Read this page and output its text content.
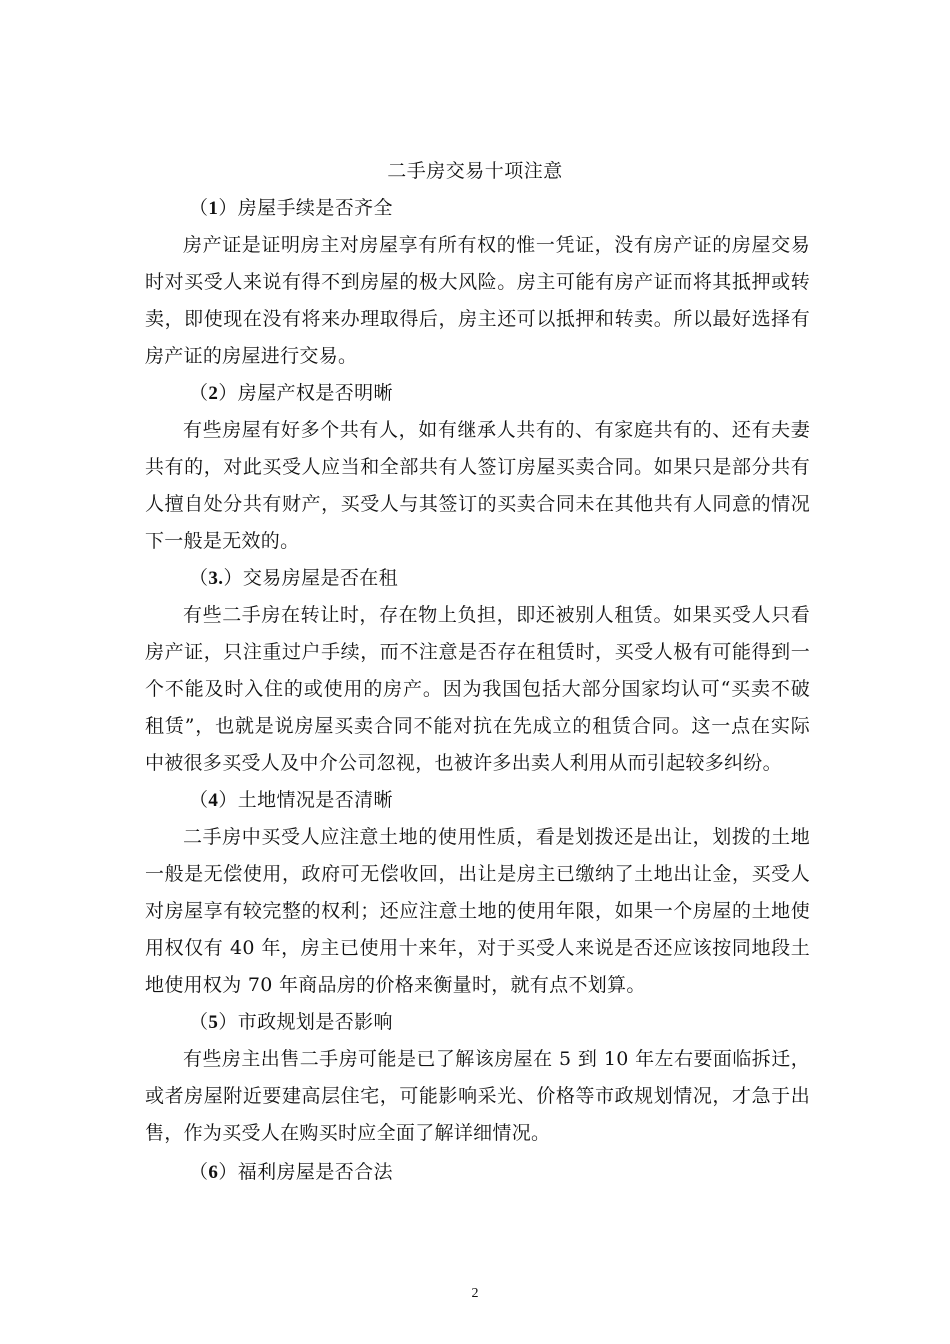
二手房交易十项注意
（1）房屋手续是否齐全

房产证是证明房主对房屋享有所有权的惟一凭证，没有房产证的房屋交易时对买受人来说有得不到房屋的极大风险。房主可能有房产证而将其抵押或转卖，即使现在没有将来办理取得后，房主还可以抵押和转卖。所以最好选择有房产证的房屋进行交易。

（2）房屋产权是否明晰

有些房屋有好多个共有人，如有继承人共有的、有家庭共有的、还有夫妻共有的，对此买受人应当和全部共有人签订房屋买卖合同。如果只是部分共有人擅自处分共有财产，买受人与其签订的买卖合同未在其他共有人同意的情况下一般是无效的。

（3.）交易房屋是否在租

有些二手房在转让时，存在物上负担，即还被别人租赁。如果买受人只看房产证，只注重过户手续，而不注意是否存在租赁时，买受人极有可能得到一个不能及时入住的或使用的房产。因为我国包括大部分国家均认可“买卖不破租赁”，也就是说房屋买卖合同不能对抗在先成立的租赁合同。这一点在实际中被很多买受人及中介公司忽视，也被许多出卖人利用从而引起较多纠纷。

（4）土地情况是否清晰

二手房中买受人应注意土地的使用性质，看是划拨还是出让，划拨的土地一般是无偿使用，政府可无偿收回，出让是房主已缴纳了土地出让金，买受人对房屋享有较完整的权利；还应注意土地的使用年限，如果一个房屋的土地使用权仅有 40 年，房主已使用十来年，对于买受人来说是否还应该按同地段土地使用权为 70 年商品房的价格来衡量时，就有点不划算。

（5）市政规划是否影响

有些房主出售二手房可能是已了解该房屋在 5 到 10 年左右要面临拆迁，或者房屋附近要建高层住宅，可能影响采光、价格等市政规划情况，才急于出售，作为买受人在购买时应全面了解详细情况。

（6）福利房屋是否合法
2
